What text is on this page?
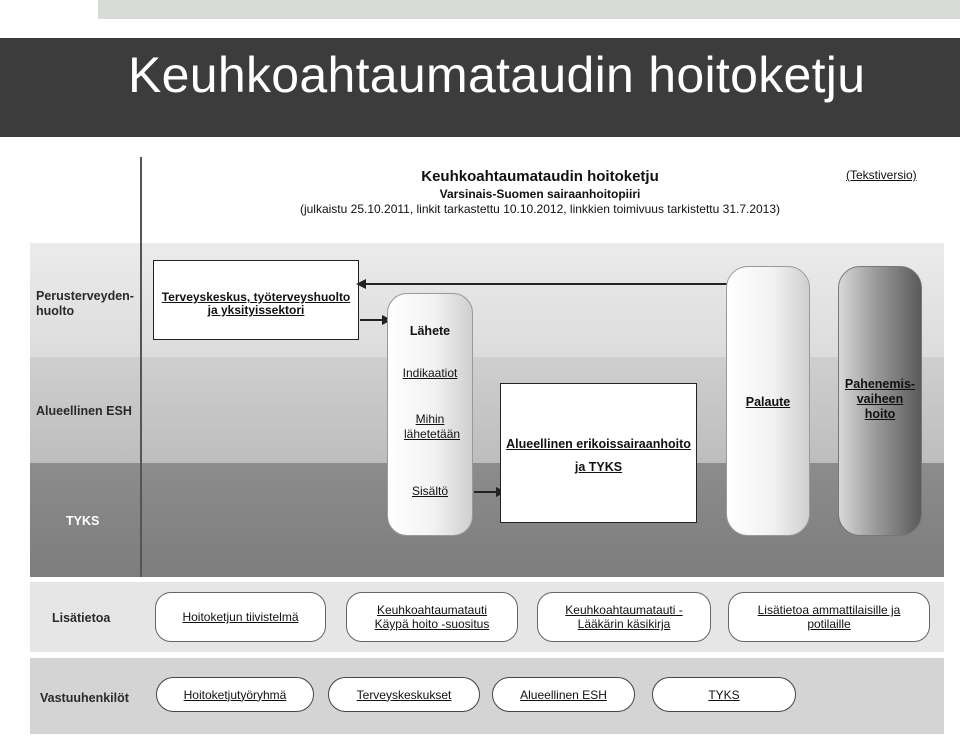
Keuhkoahtaumataudin hoitoketju
Keuhkoahtaumataudin hoitoketju
Varsinais-Suomen sairaanhoitopiiri
(julkaistu 25.10.2011, linkit tarkastettu 10.10.2012, linkkien toimivuus tarkistettu 31.7.2013)
(Tekstiversio)
Perusterveyden-
huolto
Alueellinen ESH
TYKS
Lisätietoa
Vastuuhenkilöt
Terveyskeskus, työterveyshuolto ja yksityissektori
Lähete
Indikaatiot
Mihin lähetetään
Sisältö
Alueellinen erikoissairaanhoito
ja TYKS
Palaute
Pahenemis-
vaiheen
hoito
Hoitoketjun tiivistelmä	Keuhkoahtaumatauti Käypä hoito -suositus
Keuhkoahtaumatauti - Lääkärin käsikirja
Lisätietoa ammattilaisille ja potilaille
Hoitoketjutyöryhmä	Terveyskeskukset	Alueellinen ESH	TYKS
